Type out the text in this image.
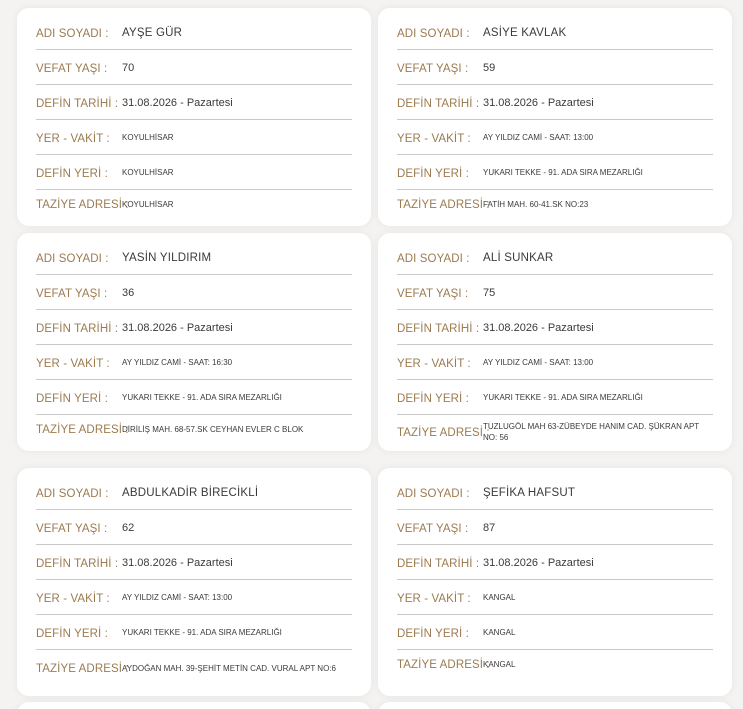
ADI SOYADI :	AYŞE GÜR
VEFAT YAŞI :	70
DEFİN TARİHİ : 31.08.2026 - Pazartesi
YER - VAKİT :	KOYULHİSAR
DEFİN YERİ :	KOYULHİSAR
TAZİYE ADRESİ :
KOYULHİSAR
ADI SOYADI :	ASİYE KAVLAK
VEFAT YAŞI :	59
DEFİN TARİHİ : 31.08.2026 - Pazartesi
YER - VAKİT :	AY YILDIZ CAMİ - SAAT: 13:00
DEFİN YERİ :	YUKARI TEKKE - 91. ADA SIRA MEZARLIĞI
TAZİYE ADRESİ :
FATİH MAH. 60-41.SK NO:23
ADI SOYADI :	YASİN YILDIRIM
VEFAT YAŞI :	36
DEFİN TARİHİ : 31.08.2026 - Pazartesi
YER - VAKİT :	AY YILDIZ CAMİ - SAAT: 16:30
DEFİN YERİ :	YUKARI TEKKE - 91. ADA SIRA MEZARLIĞI
TAZİYE ADRESİ :
DİRİLİŞ MAH. 68-57.SK CEYHAN EVLER C BLOK
ADI SOYADI :	ALİ SUNKAR
VEFAT YAŞI :	75
DEFİN TARİHİ : 31.08.2026 - Pazartesi
YER - VAKİT :	AY YILDIZ CAMİ - SAAT: 13:00
DEFİN YERİ :	YUKARI TEKKE - 91. ADA SIRA MEZARLIĞI
TAZİYE ADRESİ :
TUZLUGÖL MAH 63-ZÜBEYDE HANIM CAD. ŞÜKRAN APT NO: 56
ADI SOYADI :	ABDULKADİR BİRECİKLİ
VEFAT YAŞI :	62
DEFİN TARİHİ : 31.08.2026 - Pazartesi
YER - VAKİT :	AY YILDIZ CAMİ - SAAT: 13:00
DEFİN YERİ :	YUKARI TEKKE - 91. ADA SIRA MEZARLIĞI
TAZİYE ADRESİ :
AYDOĞAN MAH. 39-ŞEHİT METİN CAD. VURAL APT NO:6
ADI SOYADI :	ŞEFİKA HAFSUT
VEFAT YAŞI :	87
DEFİN TARİHİ : 31.08.2026 - Pazartesi
YER - VAKİT :	KANGAL
DEFİN YERİ :	KANGAL
TAZİYE ADRESİ :
KANGAL
